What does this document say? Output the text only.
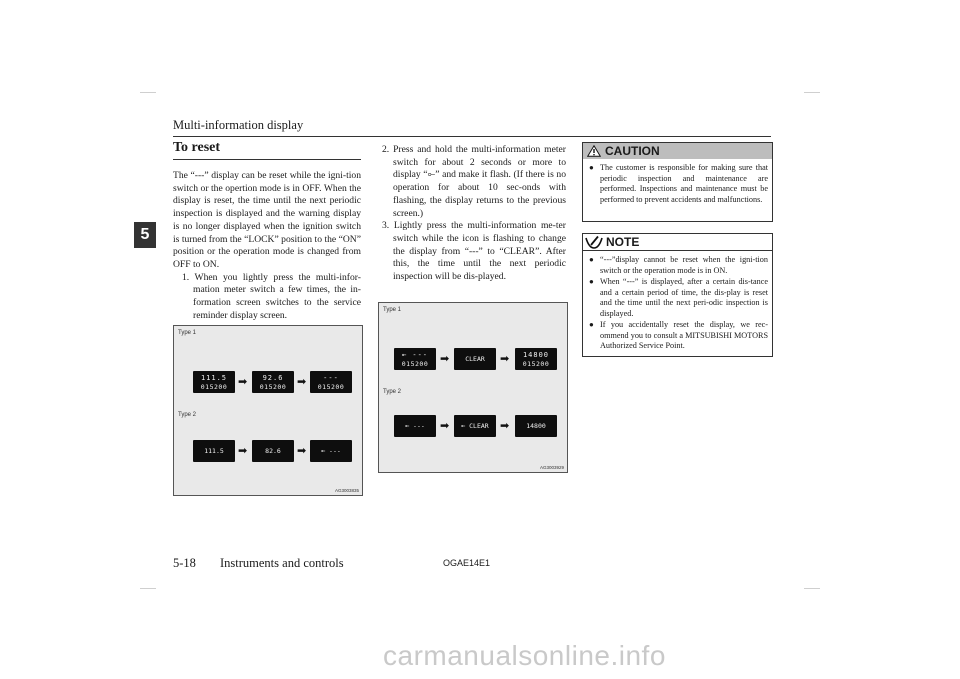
Multi-information display
5
To reset

The “---” display can be reset while the igni-tion switch or the opertion mode is in OFF. When the display is reset, the time until the next periodic inspection is displayed and the warning display is no longer displayed when the ignition switch is turned from the “LOCK” position to the “ON” position or the operation mode is changed from OFF to ON.

1. When you lightly press the multi-infor-mation meter switch a few times, the in-formation screen switches to the service reminder display screen.
Type 1
111.5
015200 ➡	92.6
015200 ➡	---
015200
Type 2
111.5	➡	82.6	➡	⟜ ---
AG3003835
2. Press and hold the multi-information meter switch for about 2 seconds or more to display “⟜” and make it flash. (If there is no operation for about 10 sec-onds with flashing, the display returns to the previous screen.)
3. Lightly press the multi-information me-ter switch while the icon is flashing to change the display from “---” to “CLEAR”. After this, the time until the next periodic inspection will be dis-played.
Type 1
⟜ ---
015200	➡	CLEAR	➡	14800
015200
Type 2
⟜ ---	➡	⟜ CLEAR	➡	14800
AG3003929
CAUTION
● The customer is responsible for making sure that periodic inspection and maintenance are performed. Inspections and maintenance must be performed to prevent accidents and malfunctions.
NOTE
● “---”display cannot be reset when the igni-tion switch or the operation mode is in ON.
● When “---” is displayed, after a certain dis-tance and a certain period of time, the dis-play is reset and the time until the next peri-odic inspection is displayed.
● If you accidentally reset the display, we rec-ommend you to consult a MITSUBISHI MOTORS Authorized Service Point.
5-18 Instruments and controls	OGAE14E1
carmanualsonline.info
